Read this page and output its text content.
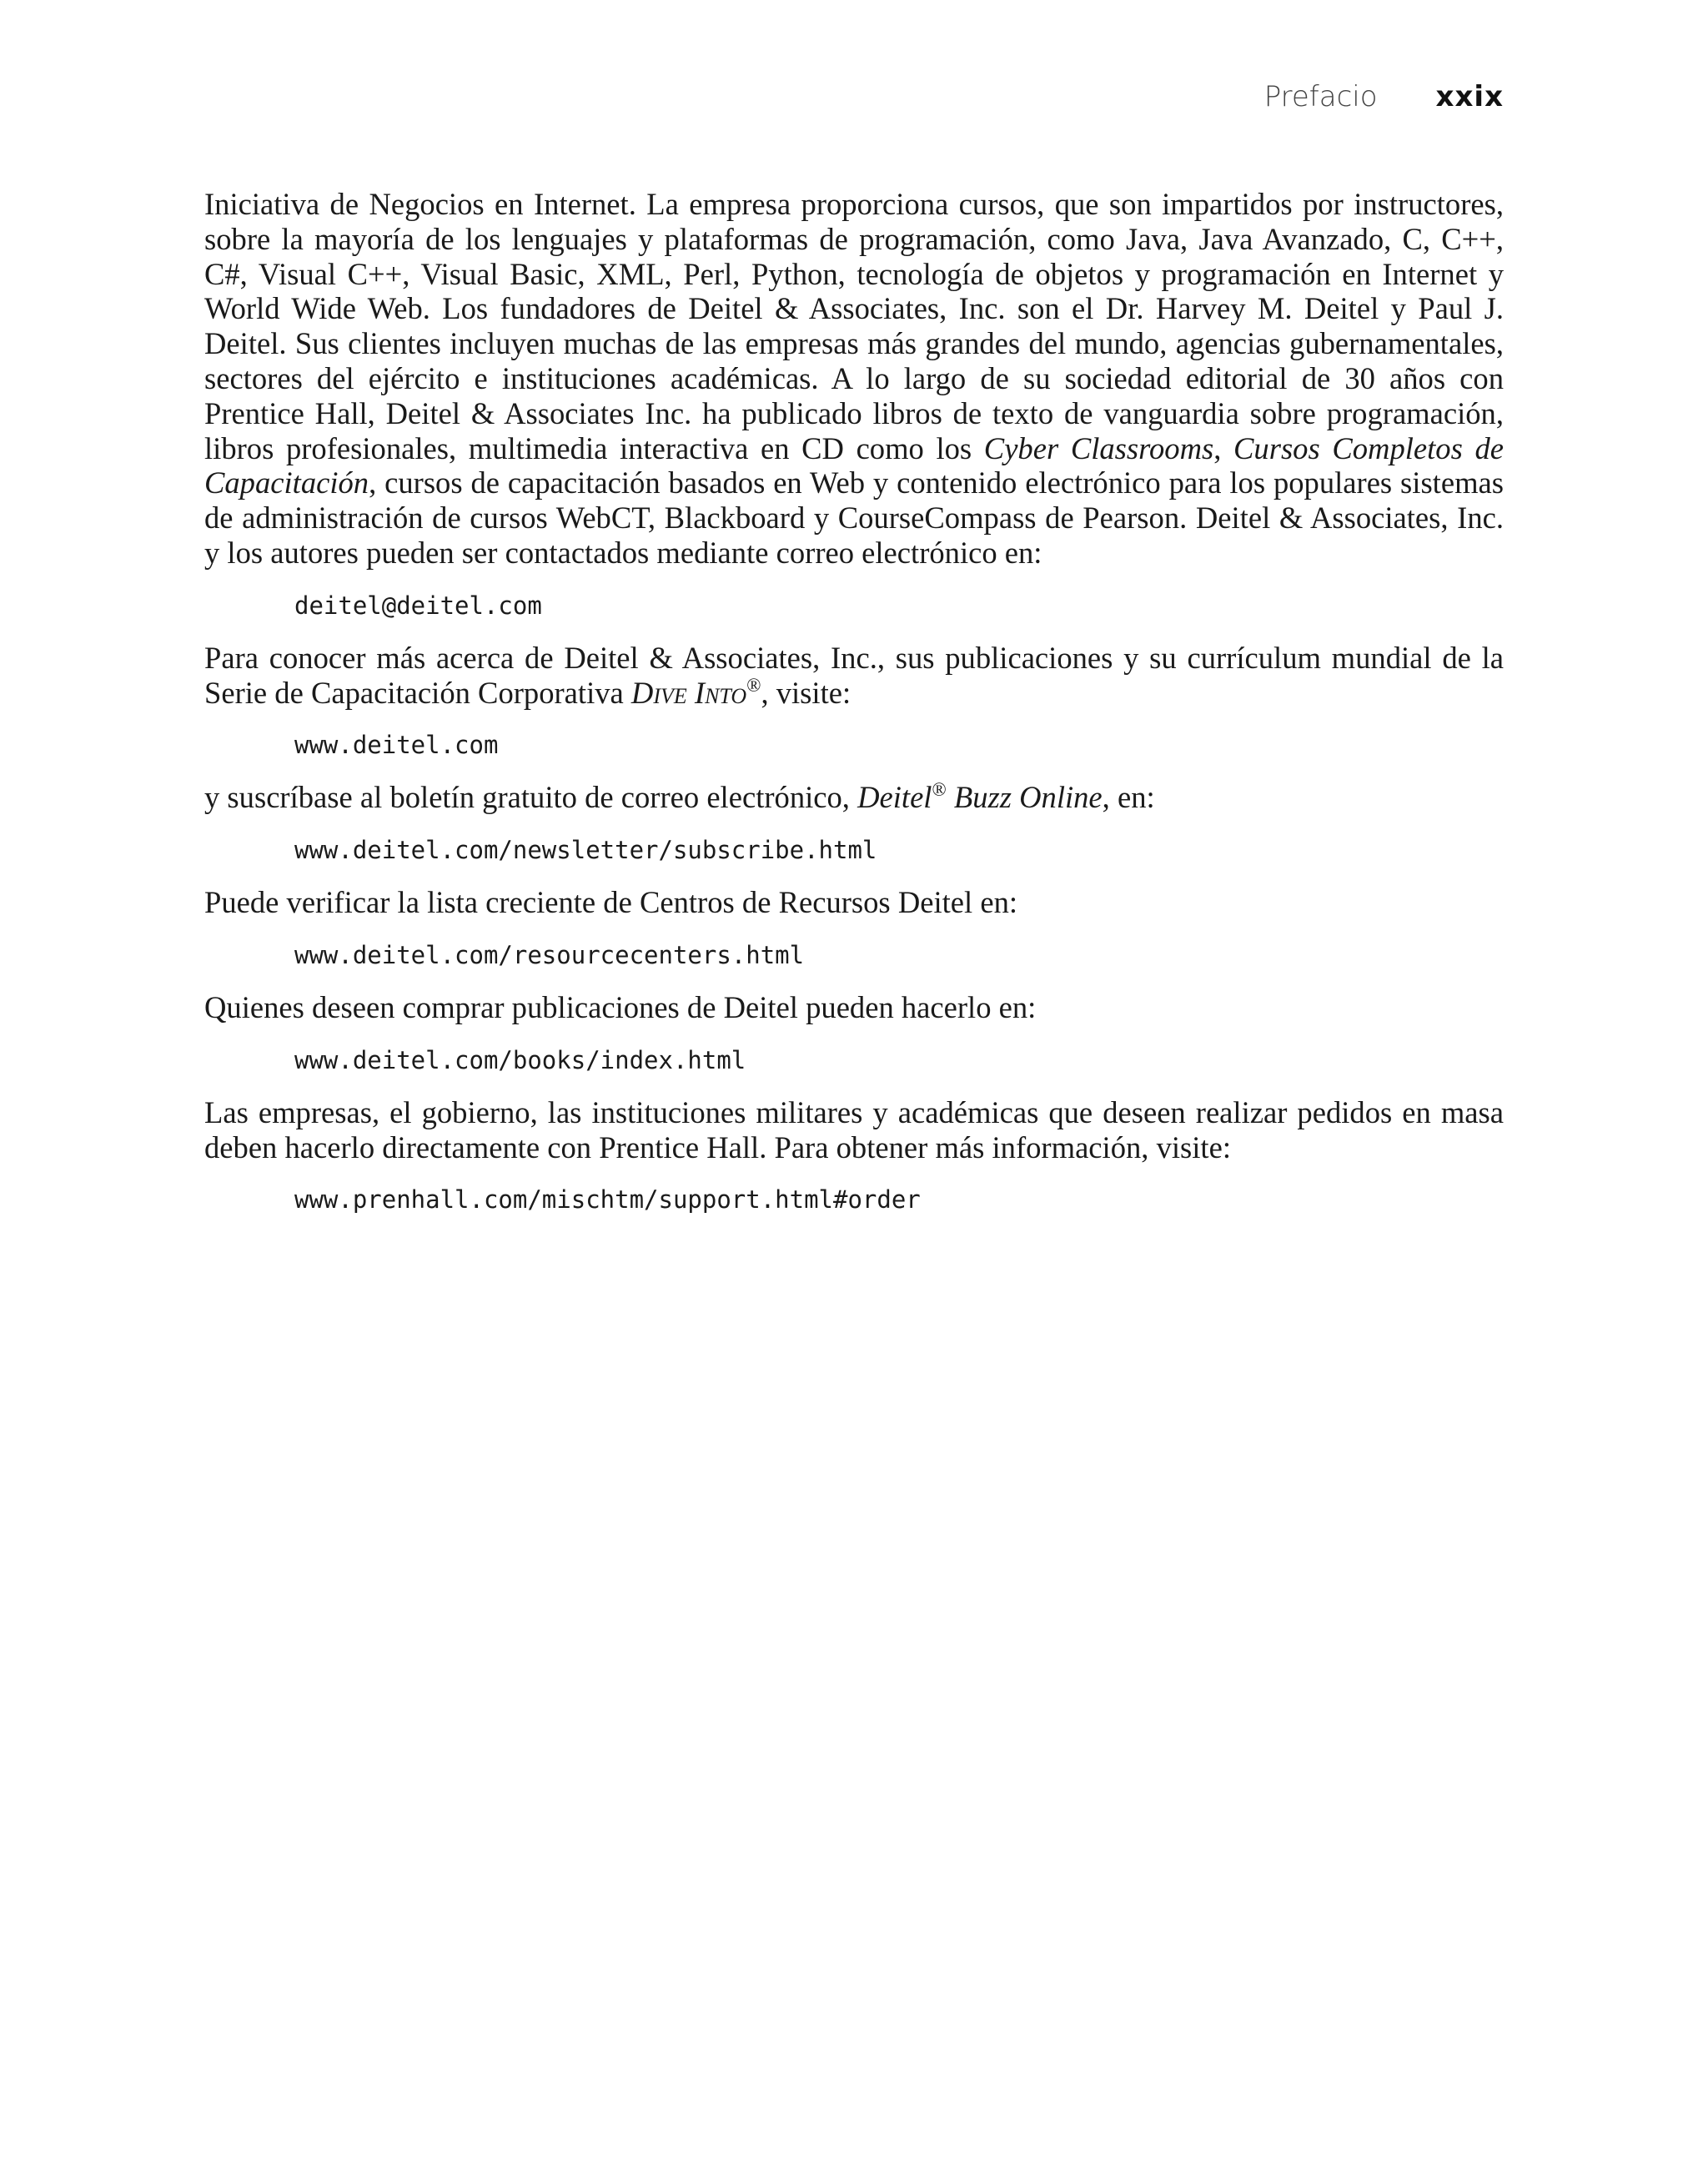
Prefacio xxix

Iniciativa de Negocios en Internet. La empresa proporciona cursos, que son impartidos por instructores, sobre la mayoría de los lenguajes y plataformas de programación, como Java, Java Avanzado, C, C++, C#, Visual C++, Visual Basic, XML, Perl, Python, tecnología de objetos y programación en Internet y World Wide Web. Los fundadores de Deitel & Associates, Inc. son el Dr. Harvey M. Deitel y Paul J. Deitel. Sus clientes incluyen muchas de las empresas más grandes del mundo, agencias gubernamentales, sectores del ejército e instituciones académicas. A lo largo de su sociedad editorial de 30 años con Prentice Hall, Deitel & Associates Inc. ha publicado libros de texto de vanguardia sobre programación, libros profesionales, multimedia interactiva en CD como los Cyber Classrooms, Cursos Completos de Capacitación, cursos de capacitación basados en Web y contenido electrónico para los populares sistemas de administración de cursos WebCT, Blackboard y CourseCompass de Pearson. Deitel & Associates, Inc. y los autores pueden ser contactados mediante correo electrónico en:

deitel@deitel.com

Para conocer más acerca de Deitel & Associates, Inc., sus publicaciones y su currículum mundial de la Serie de Capacitación Corporativa Dive Into®, visite:

www.deitel.com

y suscríbase al boletín gratuito de correo electrónico, Deitel® Buzz Online, en:

www.deitel.com/newsletter/subscribe.html

Puede verificar la lista creciente de Centros de Recursos Deitel en:

www.deitel.com/resourcecenters.html

Quienes deseen comprar publicaciones de Deitel pueden hacerlo en:

www.deitel.com/books/index.html

Las empresas, el gobierno, las instituciones militares y académicas que deseen realizar pedidos en masa deben hacerlo directamente con Prentice Hall. Para obtener más información, visite:

www.prenhall.com/mischtm/support.html#order
